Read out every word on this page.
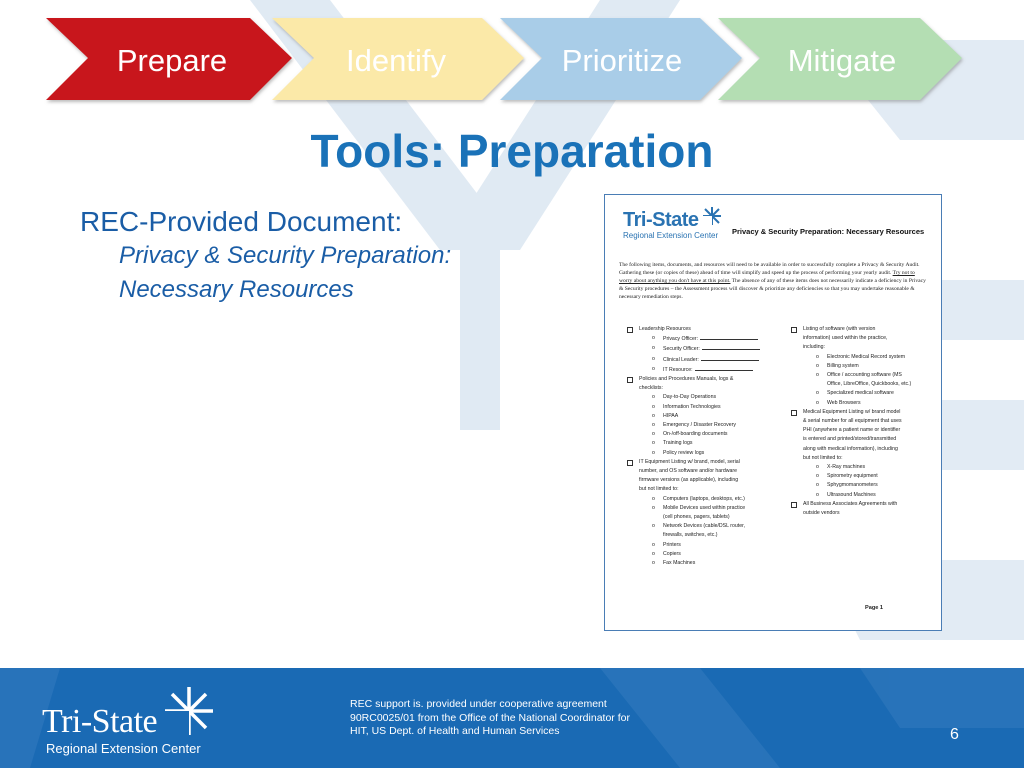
Prepare	Identify	Prioritize	Mitigate
Tools: Preparation
REC-Provided Document:
Privacy & Security Preparation:
Necessary Resources
Tri-State
Regional Extension Center Privacy & Security Preparation: Necessary Resources
The following items, documents, and resources will need to be available in order to successfully complete a Privacy & Security Audit. Gathering these (or copies of these) ahead of time will simplify and speed up the process of performing your yearly audit. Try not to worry about anything you don't have at this point. The absence of any of these items does not necessarily indicate a deficiency in Privacy & Security procedures – the Assessment process will discover & prioritize any deficiencies so that you may undertake reasonable & necessary remediation steps.
Leadership Resources
o Privacy Officer:
o Security Officer:
o Clinical Leader:
o IT Resource:
Policies and Procedures Manuals, logs &
checklists:
o Day-to-Day Operations
o Information Technologies
o HIPAA
o Emergency / Disaster Recovery
o On-/off-boarding documents
o Training logs
o Policy review logs
IT Equipment Listing w/ brand, model, serial
number, and OS software and/or hardware
firmware versions (as applicable), including
but not limited to:
o Computers (laptops, desktops, etc.)
o Mobile Devices used within practice
(cell phones, pagers, tablets)
o Network Devices (cable/DSL router,
firewalls, switches, etc.)
o Printers
o Copiers
o Fax Machines
Listing of software (with version
information) used within the practice,
including:
o Electronic Medical Record system
o Billing system
o Office / accounting software (MS
Office, LibreOffice, Quickbooks, etc.)
o Specialized medical software
o Web Browsers
Medical Equipment Listing w/ brand model
& serial number for all equipment that uses
PHI (anywhere a patient name or identifier
is entered and printed/stored/transmitted
along with medical information), including
but not limited to:
o X-Ray machines
o Spirometry equipment
o Sphygmomanometers
o Ultrasound Machines
All Business Associates Agreements with
outside vendors
Page 1
Tri-State
Regional Extension Center
REC support is. provided under cooperative agreement 90RC0025/01 from the Office of the National Coordinator for HIT, US Dept. of Health and Human Services	6
